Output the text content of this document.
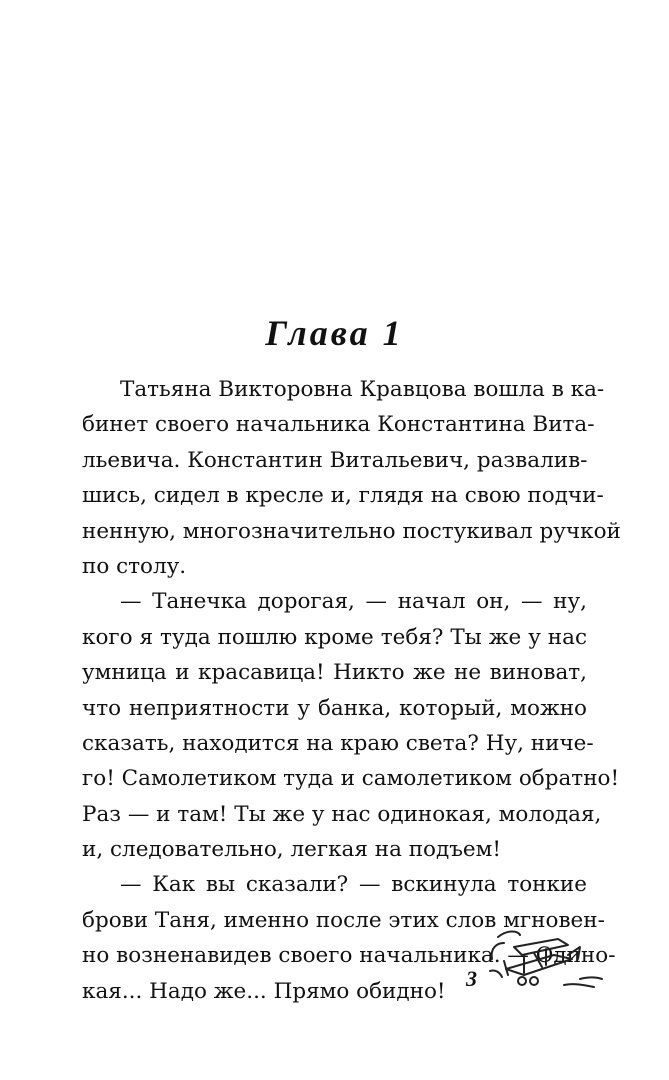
Глава 1
Татьяна Викторовна Кравцова вошла в ка-
бинет своего начальника Константина Вита-
льевича. Константин Витальевич, развалив-
шись, сидел в кресле и, глядя на свою подчи-
ненную, многозначительно постукивал ручкой
по столу.
— Танечка дорогая, — начал он, — ну,
кого я туда пошлю кроме тебя? Ты же у нас
умница и красавица! Никто же не виноват,
что неприятности у банка, который, можно
сказать, находится на краю света? Ну, ниче-
го! Самолетиком туда и самолетиком обратно!
Раз — и там! Ты же у нас одинокая, молодая,
и, следовательно, легкая на подъем!
— Как вы сказали? — вскинула тонкие
брови Таня, именно после этих слов мгновен-
но возненавидев своего начальника. — Одино-
кая... Надо же... Прямо обидно!
3
